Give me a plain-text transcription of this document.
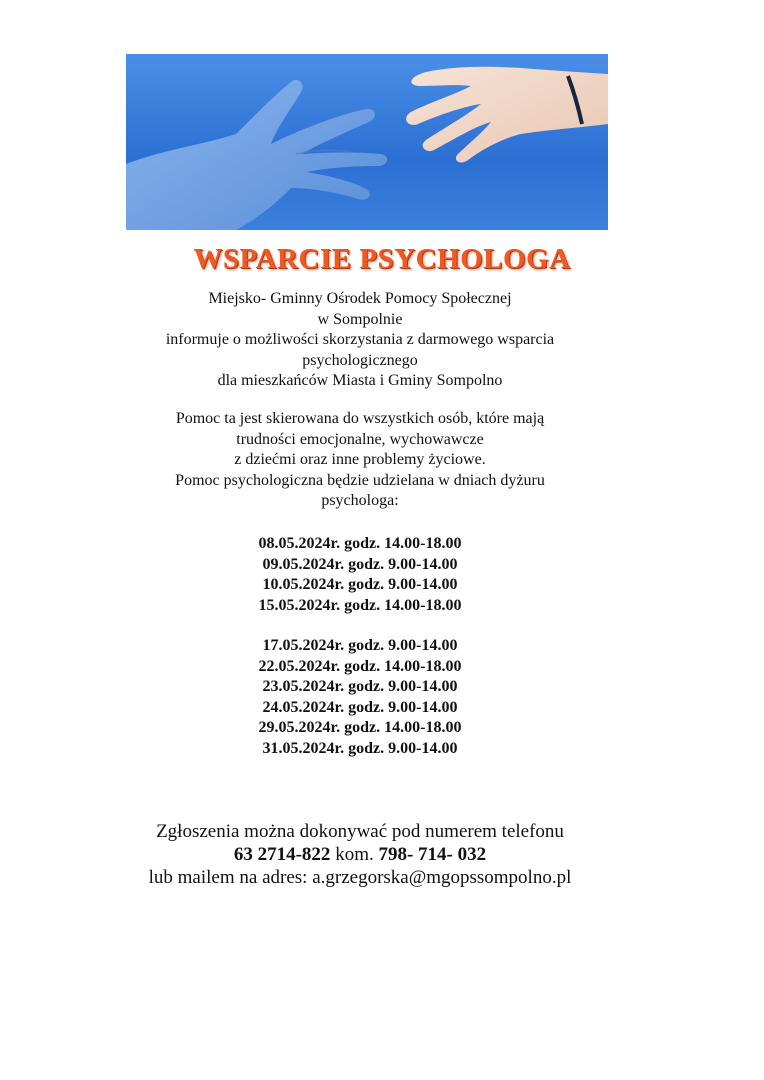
WSPARCIE PSYCHOLOGA
Miejsko- Gminny Ośrodek Pomocy Społecznej
w Sompolnie
informuje o możliwości skorzystania z darmowego wsparcia
psychologicznego
dla mieszkańców Miasta i Gminy Sompolno
Pomoc ta jest skierowana do wszystkich osób, które mają
trudności emocjonalne, wychowawcze
z dziećmi oraz inne problemy życiowe.
Pomoc psychologiczna będzie udzielana w dniach dyżuru
psychologa:
08.05.2024r. godz. 14.00-18.00
09.05.2024r. godz. 9.00-14.00
10.05.2024r. godz. 9.00-14.00
15.05.2024r. godz. 14.00-18.00
17.05.2024r. godz. 9.00-14.00
22.05.2024r. godz. 14.00-18.00
23.05.2024r. godz. 9.00-14.00
24.05.2024r. godz. 9.00-14.00
29.05.2024r. godz. 14.00-18.00
31.05.2024r. godz. 9.00-14.00
Zgłoszenia można dokonywać pod numerem telefonu
63 2714-822 kom. 798- 714- 032
lub mailem na adres: a.grzegorska@mgopssompolno.pl
